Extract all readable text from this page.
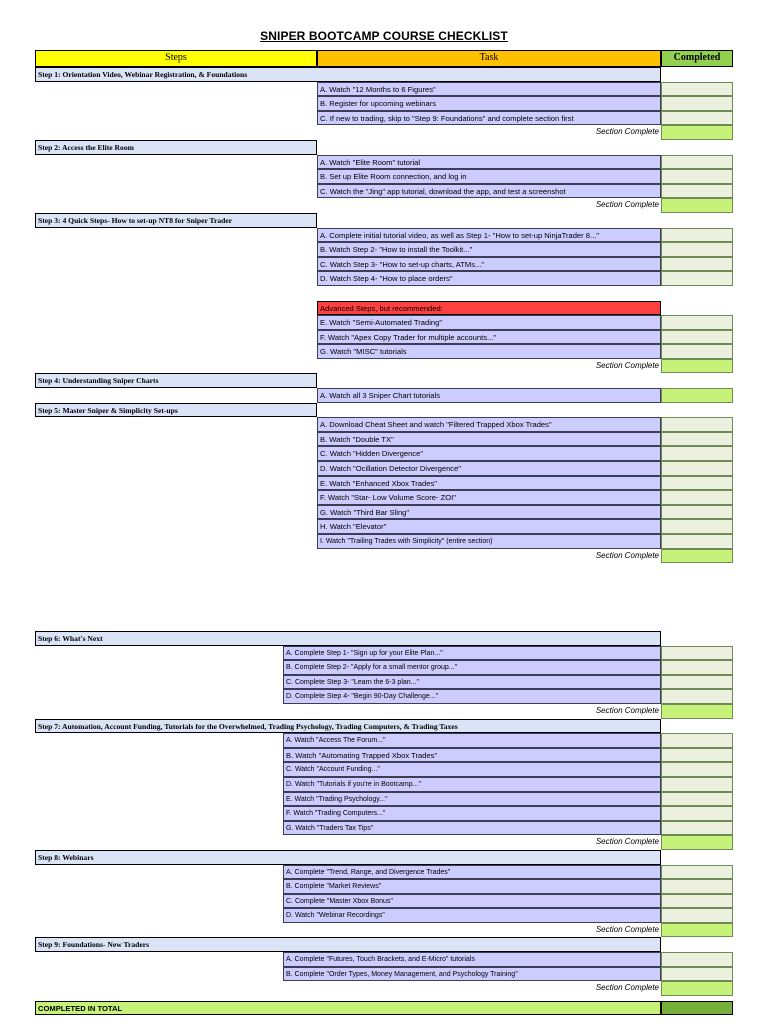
SNIPER BOOTCAMP COURSE CHECKLIST
Steps	Task	Completed
Step 1: Orientation Video, Webinar Registration, & Foundations
A. Watch "12 Months to 6 Figures"
B. Register for upcoming webinars
C. If new to trading, skip to "Step 9: Foundations" and complete section first
Section Complete
Step 2: Access the Elite Room
A. Watch "Elite Room" tutorial
B. Set up Elite Room connection, and log in
C. Watch the "Jing" app tutorial, download the app, and test a screenshot
Section Complete
Step 3: 4 Quick Steps- How to set-up NT8 for Sniper Trader
A. Complete initial tutorial video, as well as Step 1- "How to set-up NinjaTrader 8..."
B. Watch Step 2- "How to install the Toolkit..."
C. Watch Step 3- "How to set-up charts, ATMs..."
D. Watch Step 4- "How to place orders"
Advanced Steps, but recommended:
E. Watch "Semi-Automated Trading"
F. Watch "Apex Copy Trader for multiple accounts..."
G. Watch "MISC" tutorials
Section Complete
Step 4: Understanding Sniper Charts
A. Watch all 3 Sniper Chart tutorials
Step 5: Master Sniper & Simplicity Set-ups
A. Download Cheat Sheet and watch "Filtered Trapped Xbox Trades"
B. Watch "Double TX"
C. Watch "Hidden Divergence"
D. Watch "Ocillation Detector Divergence"
E. Watch "Enhanced Xbox Trades"
F. Watch "Star- Low Volume Score- ZOI"
G. Watch "Third Bar Sling"
H. Watch "Elevator"
I. Watch "Trailing Trades with Simplicity" (entire section)
Section Complete
Step 6: What's Next
A. Complete Step 1- "Sign up for your Elite Plan..."
B. Complete Step 2- "Apply for a small mentor group..."
C. Complete Step 3- "Learn the 6-3 plan..."
D. Complete Step 4- "Begin 90-Day Challenge..."
Section Complete
Step 7: Automation, Account Funding, Tutorials for the Overwhelmed, Trading Psychology, Trading Computers, & Trading Taxes
A. Watch "Access The Forum..."
B. Watch "Automating Trapped Xbox Trades"
C. Watch "Account Funding..."
D. Watch "Tutorials if you're in Bootcamp..."
E. Watch "Trading Psychology..."
F. Watch "Trading Computers..."
G. Watch "Traders Tax Tips"
Section Complete
Step 8: Webinars
A. Complete "Trend, Range, and Divergence Trades"
B. Complete "Market Reviews"
C. Complete "Master Xbox Bonus"
D. Watch "Webinar Recordings"
Section Complete
Step 9: Foundations- New Traders
A. Complete "Futures, Touch Brackets, and E-Micro" tutorials
B. Complete "Order Types, Money Management, and Psychology Training"
Section Complete
COMPLETED IN TOTAL
